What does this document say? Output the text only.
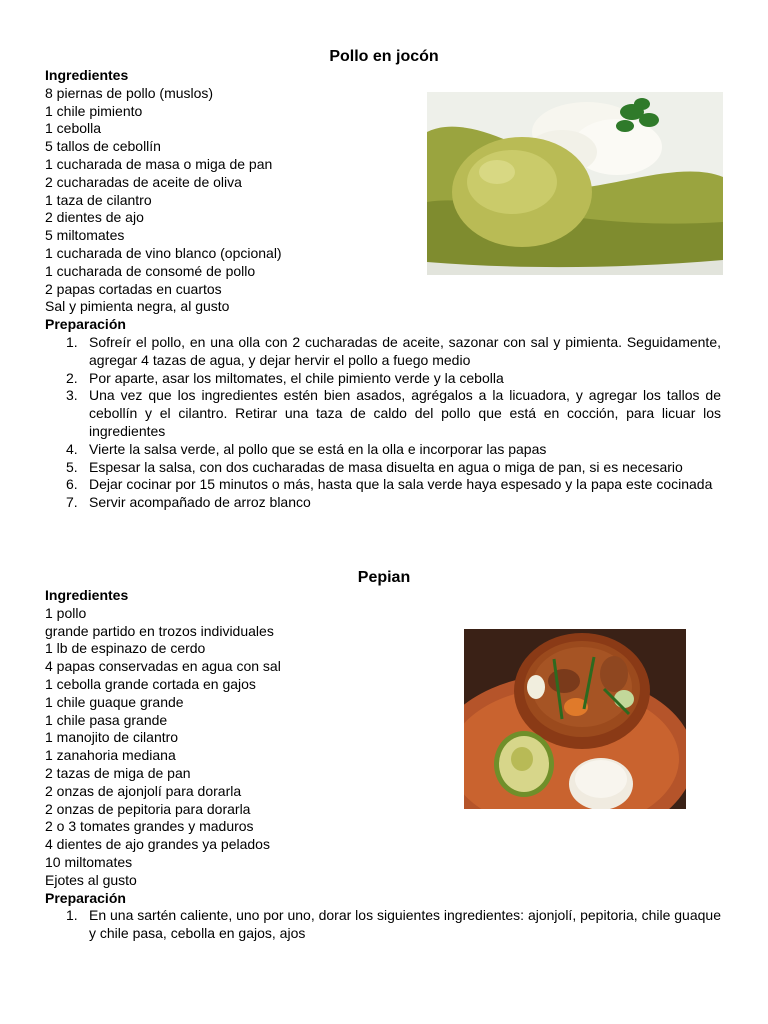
Pollo en jocón
Ingredientes
8 piernas de pollo (muslos)
1 chile pimiento
1 cebolla
5 tallos de cebollín
1 cucharada de masa o miga de pan
2 cucharadas de aceite de oliva
1 taza de cilantro
2 dientes de ajo
5 miltomates
1 cucharada de vino blanco (opcional)
1 cucharada de consomé de pollo
2 papas cortadas en cuartos
Sal y pimienta negra, al gusto
Preparación
1. Sofreír el pollo, en una olla con 2 cucharadas de aceite, sazonar con sal y pimienta. Seguidamente, agregar 4 tazas de agua, y dejar hervir el pollo a fuego medio
2. Por aparte, asar los miltomates, el chile pimiento verde y la cebolla
3. Una vez que los ingredientes estén bien asados, agrégalos a la licuadora, y agregar los tallos de cebollín y el cilantro. Retirar una taza de caldo del pollo que está en cocción, para licuar los ingredientes
4. Vierte la salsa verde, al pollo que se está en la olla e incorporar las papas
5. Espesar la salsa, con dos cucharadas de masa disuelta en agua o miga de pan, si es necesario
6. Dejar cocinar por 15 minutos o más, hasta que la sala verde haya espesado y la papa este cocinada
7. Servir acompañado de arroz blanco
Pepian
Ingredientes
1 pollo
grande partido en trozos individuales
1 lb de espinazo de cerdo
4 papas conservadas en agua con sal
1 cebolla grande cortada en gajos
1 chile guaque grande
1 chile pasa grande
1 manojito de cilantro
1 zanahoria mediana
2 tazas de miga de pan
2 onzas de ajonjolí para dorarla
2 onzas de pepitoria para dorarla
2 o 3 tomates grandes y maduros
4 dientes de ajo grandes ya pelados
10 miltomates
Ejotes al gusto
Preparación
1. En una sartén caliente, uno por uno, dorar los siguientes ingredientes: ajonjolí, pepitoria, chile guaque y chile pasa, cebolla en gajos, ajos
